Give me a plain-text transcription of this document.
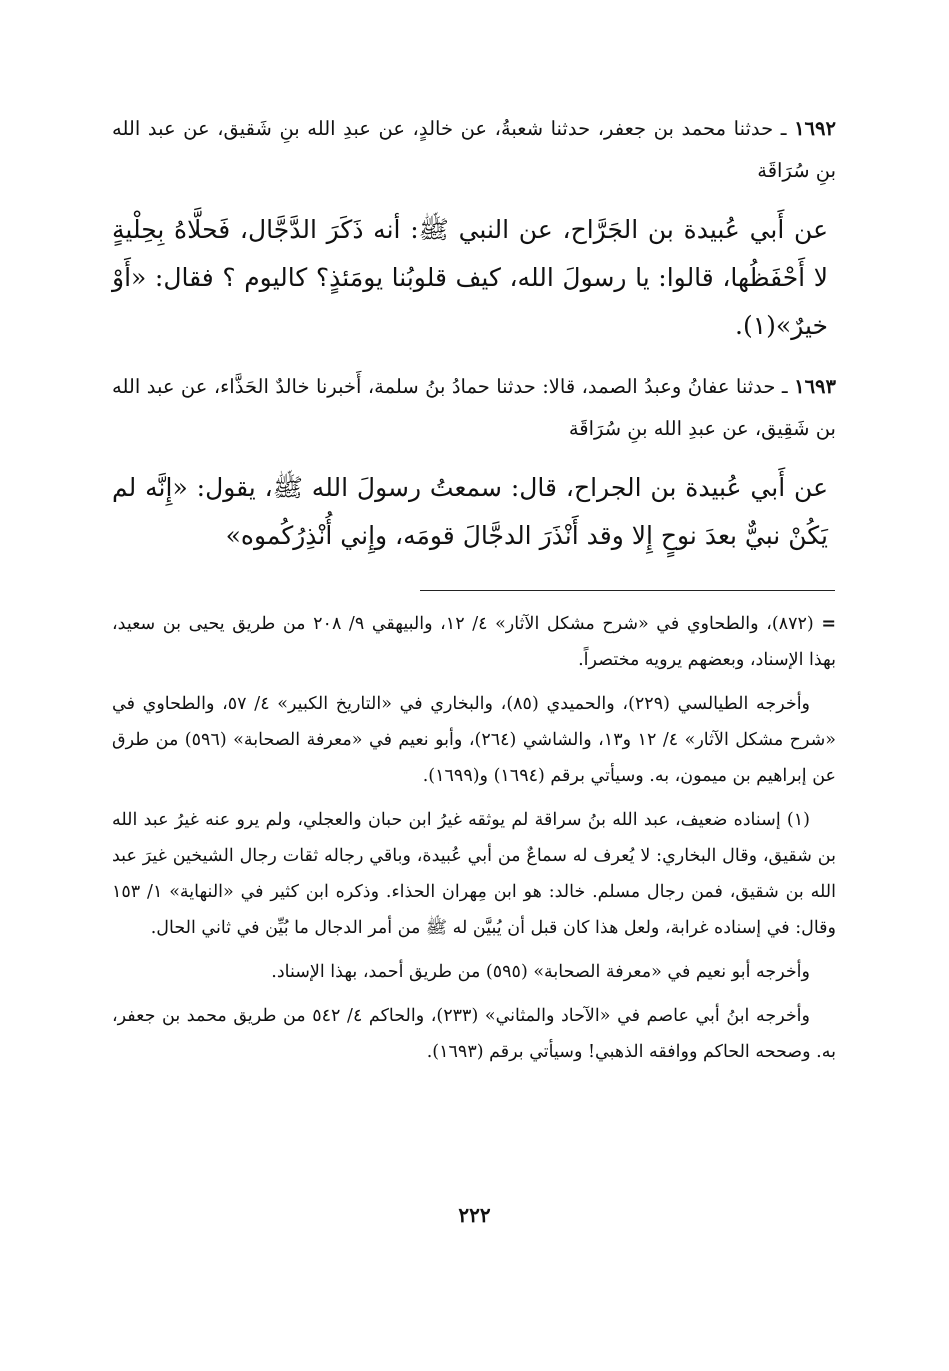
١٦٩٢ ـ حدثنا محمد بن جعفر، حدثنا شعبةُ، عن خالدٍ، عن عبدِ الله بنِ شَقيق، عن عبد الله بنِ سُرَاقَة

عن أَبي عُبيدة بن الجَرَّاح، عن النبي ﷺ: أنه ذَكَرَ الدَّجَّال، فَحلَّاهُ بِحِلْيةٍ لا أَحْفَظُها، قالوا: يا رسولَ الله، كيف قلوبُنا يومَئذٍ؟ كاليوم ؟ فقال: «أَوْ خيرٌ»(١).

١٦٩٣ ـ حدثنا عفانُ وعبدُ الصمد، قالا: حدثنا حمادُ بنُ سلمة، أَخبرنا خالدٌ الحَذَّاء، عن عبد الله بن شَقِيق، عن عبدِ الله بنِ سُرَاقَة

عن أَبي عُبيدة بن الجراح، قال: سمعتُ رسولَ الله ﷺ، يقول: «إِنَّه لم يَكُنْ نبيٌّ بعدَ نوحٍ إِلا وقد أَنْذَرَ الدجَّالَ قومَه، وإِني أُنْذِرُكُموه»

= (٨٧٢)، والطحاوي في «شرح مشكل الآثار» ٤/ ١٢، والبيهقي ٩/ ٢٠٨ من طريق يحيى بن سعيد، بهذا الإسناد، وبعضهم يرويه مختصراً.

وأخرجه الطيالسي (٢٢٩)، والحميدي (٨٥)، والبخاري في «التاريخ الكبير» ٤/ ٥٧، والطحاوي في «شرح مشكل الآثار» ٤/ ١٢ و١٣، والشاشي (٢٦٤)، وأبو نعيم في «معرفة الصحابة» (٥٩٦) من طرق عن إبراهيم بن ميمون، به. وسيأتي برقم (١٦٩٤) و(١٦٩٩).

(١) إسناده ضعيف، عبد الله بنُ سراقة لم يوثقه غيرُ ابن حبان والعجلي، ولم يرو عنه غيرُ عبد الله بن شقيق، وقال البخاري: لا يُعرف له سماعٌ من أبي عُبيدة، وباقي رجاله ثقات رجال الشيخين غيرَ عبد الله بن شقيق، فمن رجال مسلم. خالد: هو ابن مِهران الحذاء. وذكره ابن كثير في «النهاية» ١/ ١٥٣ وقال: في إسناده غرابة، ولعل هذا كان قبل أن يُبيَّن له ﷺ من أمر الدجال ما بُيِّن في ثاني الحال.

وأخرجه أبو نعيم في «معرفة الصحابة» (٥٩٥) من طريق أحمد، بهذا الإسناد.

وأخرجه ابنُ أبي عاصم في «الآحاد والمثاني» (٢٣٣)، والحاكم ٤/ ٥٤٢ من طريق محمد بن جعفر، به. وصححه الحاكم ووافقه الذهبي! وسيأتي برقم (١٦٩٣).

٢٢٢
